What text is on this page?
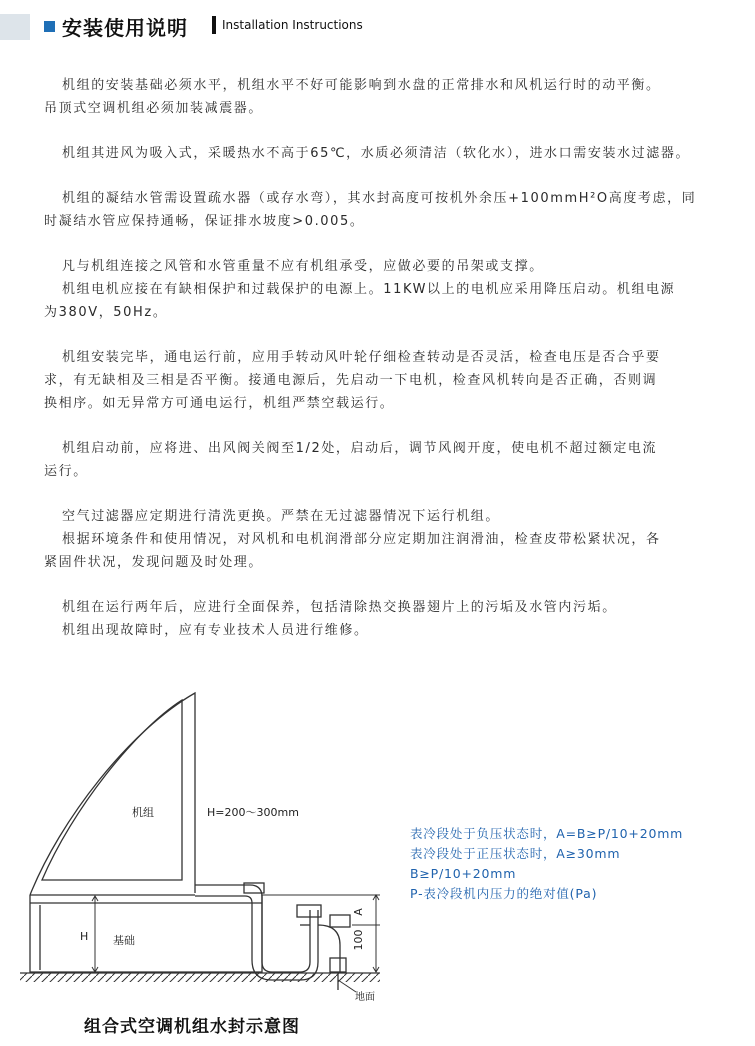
安装使用说明	Installation Instructions

机组的安装基础必须水平，机组水平不好可能影响到水盘的正常排水和风机运行时的动平衡。

吊顶式空调机组必须加装减震器。

机组其进风为吸入式，采暖热水不高于65℃，水质必须清洁（软化水），进水口需安装水过滤器。

机组的凝结水管需设置疏水器（或存水弯），其水封高度可按机外余压+100mmH²O高度考虑，同

时凝结水管应保持通畅，保证排水坡度>0.005。

凡与机组连接之风管和水管重量不应有机组承受，应做必要的吊架或支撑。

机组电机应接在有缺相保护和过载保护的电源上。11KW以上的电机应采用降压启动。机组电源

为380V，50Hz。

机组安装完毕，通电运行前，应用手转动风叶轮仔细检查转动是否灵活，检查电压是否合乎要

求，有无缺相及三相是否平衡。接通电源后，先启动一下电机，检查风机转向是否正确，否则调

换相序。如无异常方可通电运行，机组严禁空载运行。

机组启动前，应将进、出风阀关阀至1/2处，启动后，调节风阀开度，使电机不超过额定电流

运行。

空气过滤器应定期进行清洗更换。严禁在无过滤器情况下运行机组。

根据环境条件和使用情况，对风机和电机润滑部分应定期加注润滑油，检查皮带松紧状况，各

紧固件状况，发现问题及时处理。

机组在运行两年后，应进行全面保养，包括清除热交换器翅片上的污垢及水管内污垢。

机组出现故障时，应有专业技术人员进行维修。

机组	H=200～300mm
H 基础
A
100
地面

表冷段处于负压状态时，A=B≥P/10+20mm

表冷段处于正压状态时，A≥30mm

B≥P/10+20mm

P-表冷段机内压力的绝对值(Pa)

组合式空调机组水封示意图
